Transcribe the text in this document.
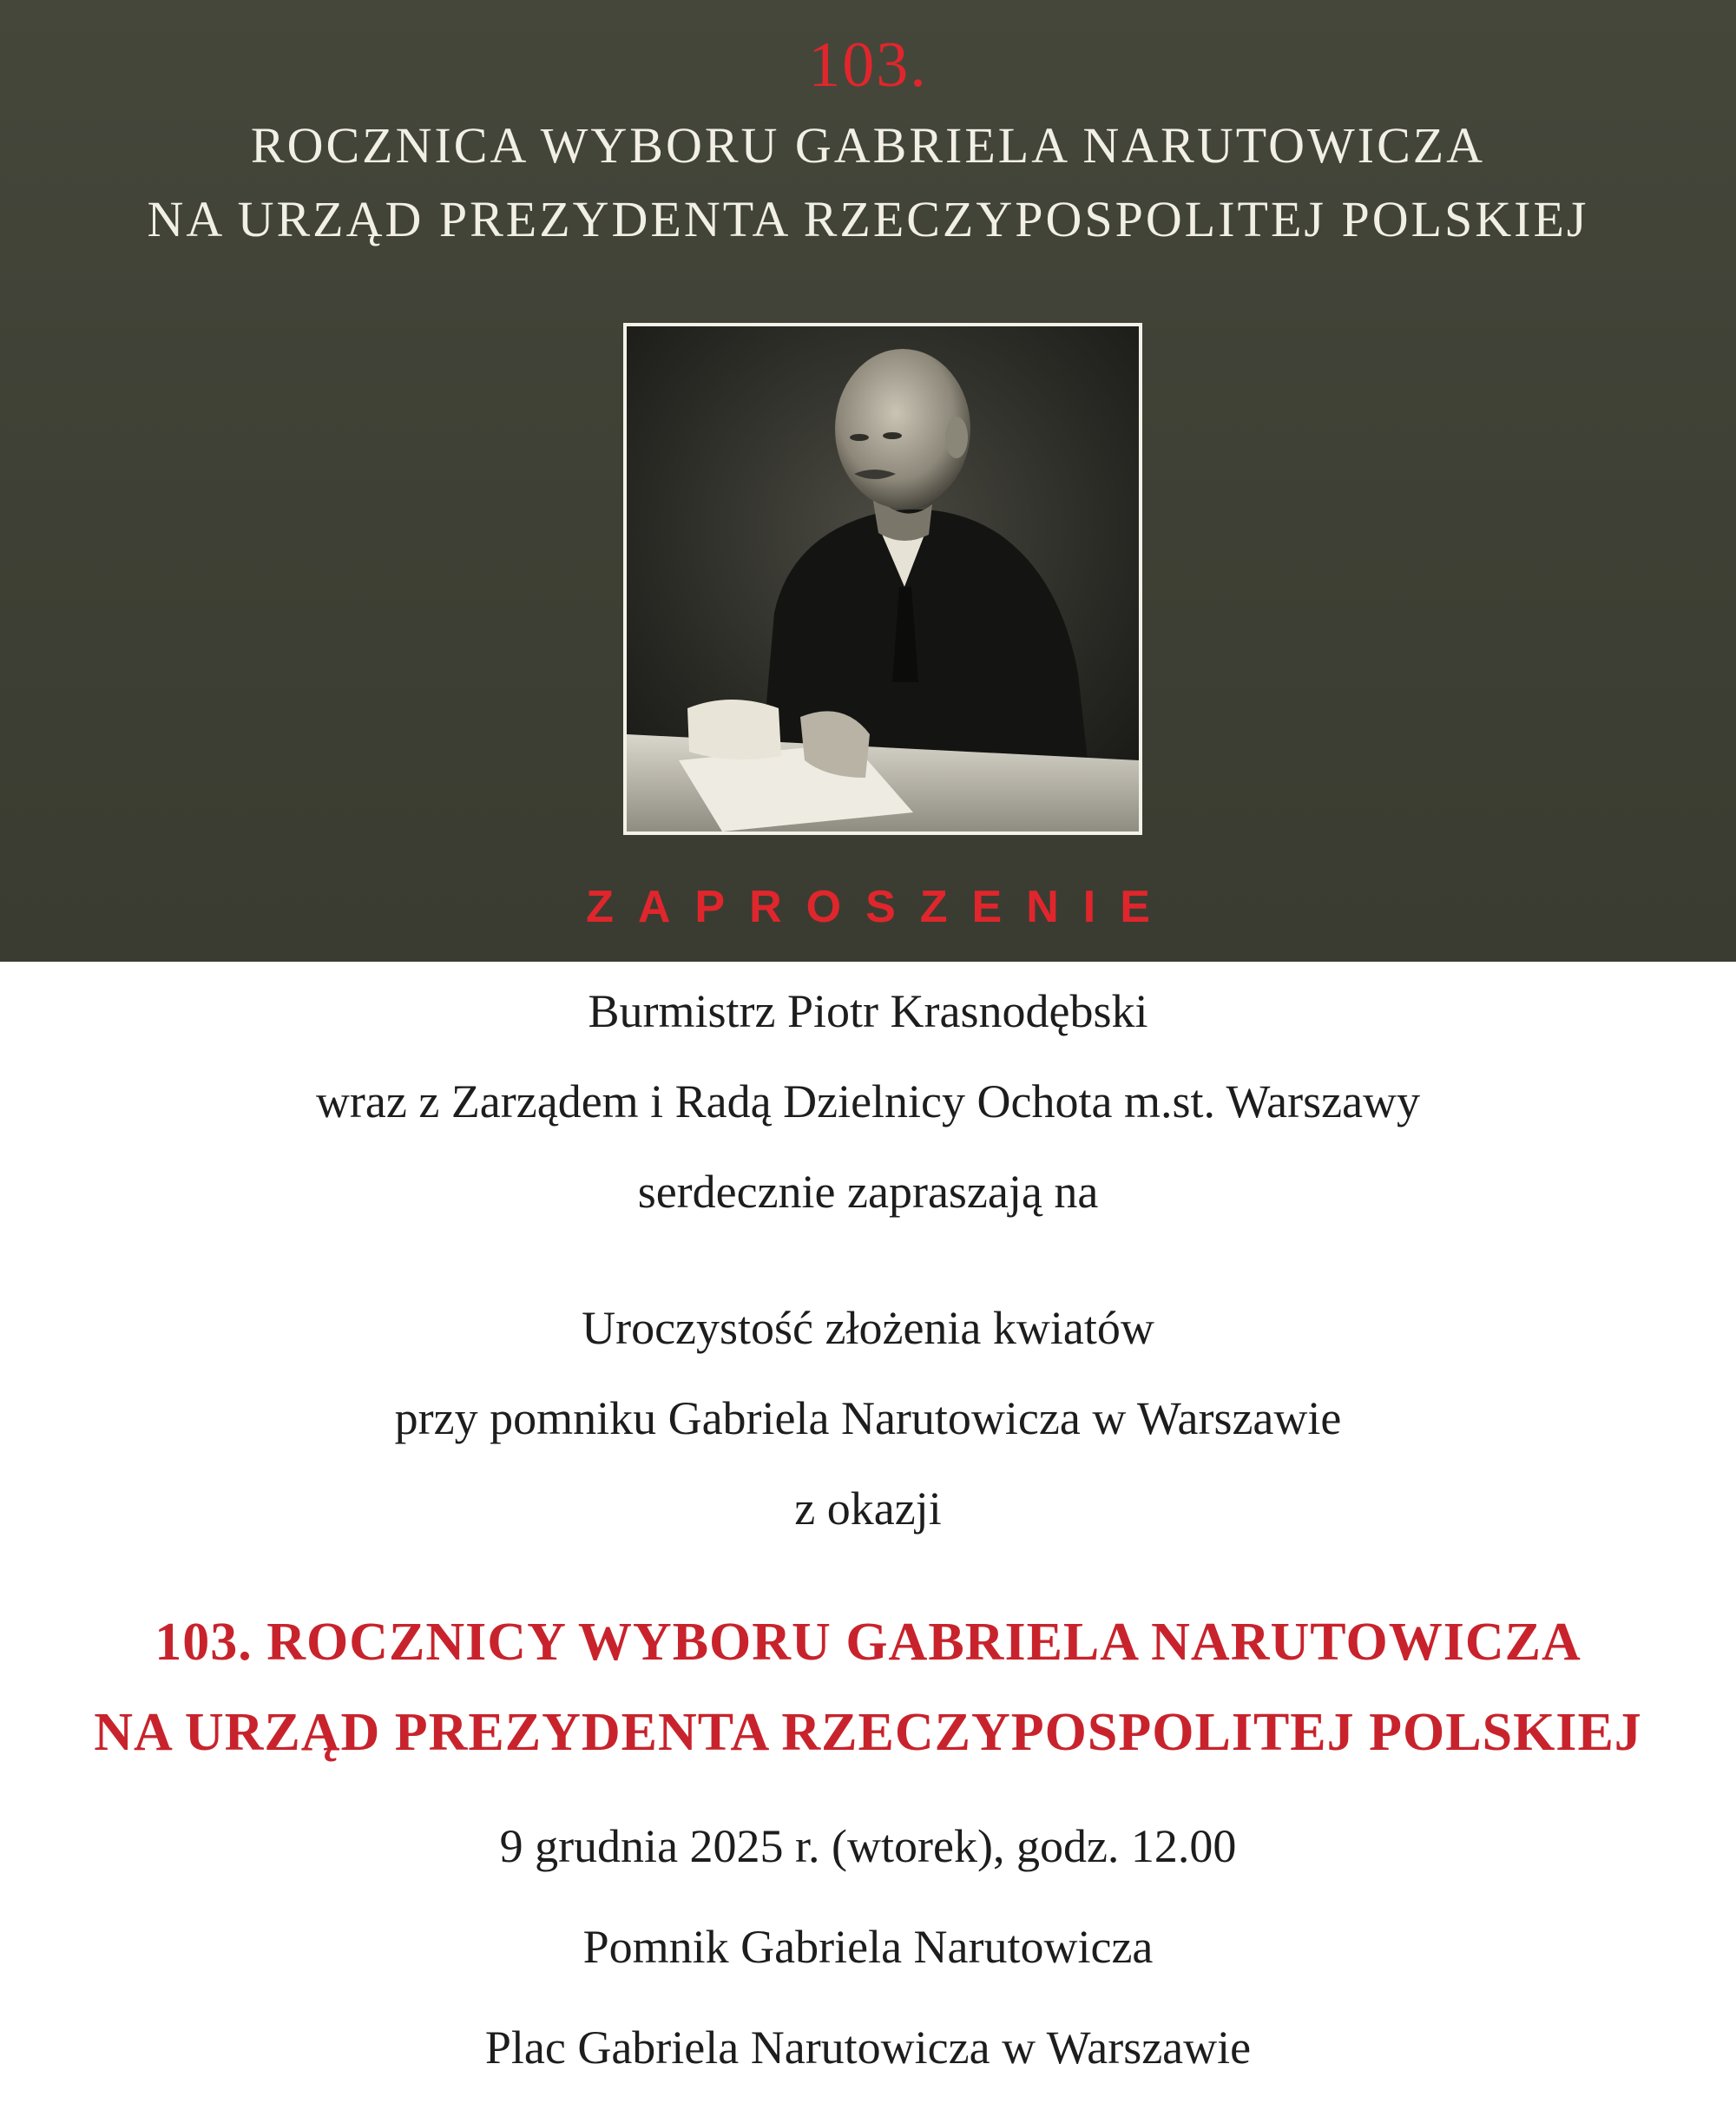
103.
ROCZNICA WYBORU GABRIELA NARUTOWICZA
NA URZĄD PREZYDENTA RZECZYPOSPOLITEJ POLSKIEJ
ZAPROSZENIE
Burmistrz Piotr Krasnodębski
wraz z Zarządem i Radą Dzielnicy Ochota m.st. Warszawy
serdecznie zapraszają na
Uroczystość złożenia kwiatów
przy pomniku Gabriela Narutowicza w Warszawie
z okazji
103. ROCZNICY WYBORU GABRIELA NARUTOWICZA
NA URZĄD PREZYDENTA RZECZYPOSPOLITEJ POLSKIEJ
9 grudnia 2025 r. (wtorek), godz. 12.00
Pomnik Gabriela Narutowicza
Plac Gabriela Narutowicza w Warszawie
